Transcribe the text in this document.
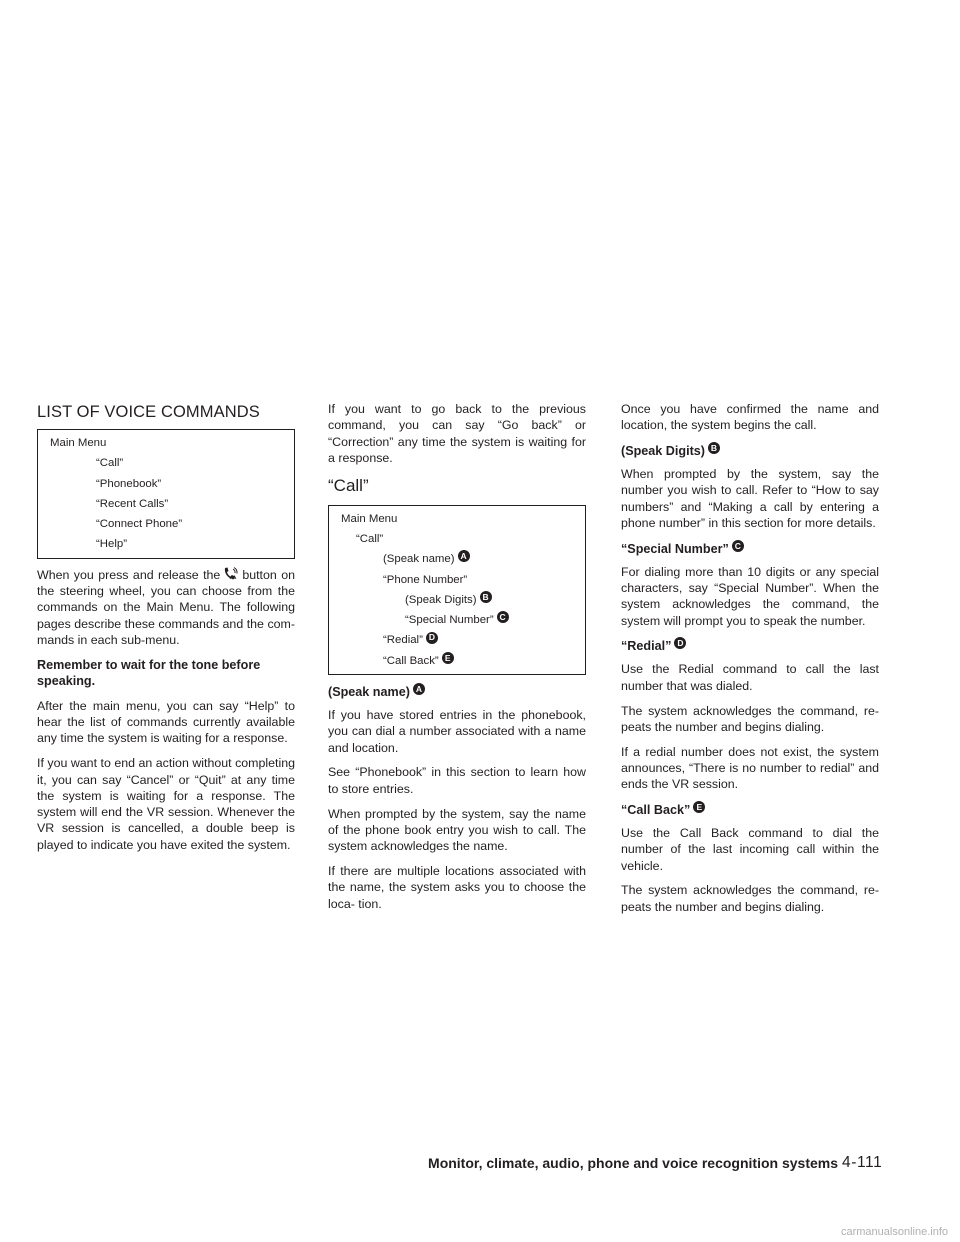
LIST OF VOICE COMMANDS
Main Menu
“Call”
“Phonebook”
“Recent Calls”
“Connect Phone”
“Help”

When you press and release the button on the steering wheel, you can choose from the commands on the Main Menu. The following pages describe these commands and the com- mands in each sub-menu.

Remember to wait for the tone before speaking.

After the main menu, you can say “Help” to hear the list of commands currently available any time the system is waiting for a response.

If you want to end an action without completing it, you can say “Cancel” or “Quit” at any time the system is waiting for a response. The system will end the VR session. Whenever the VR session is cancelled, a double beep is played to indicate you have exited the system.

If you want to go back to the previous command, you can say “Go back” or “Correction” any time the system is waiting for a response.

“Call”
Main Menu
“Call”
(Speak name) A
“Phone Number”
(Speak Digits) B
“Special Number” C
“Redial” D
“Call Back” E
(Speak name) A

If you have stored entries in the phonebook, you can dial a number associated with a name and location.

See “Phonebook” in this section to learn how to store entries.

When prompted by the system, say the name of the phone book entry you wish to call. The system acknowledges the name.

If there are multiple locations associated with the name, the system asks you to choose the loca- tion.

Once you have confirmed the name and location, the system begins the call.

(Speak Digits) B

When prompted by the system, say the number you wish to call. Refer to “How to say numbers” and “Making a call by entering a phone number” in this section for more details.

“Special Number” C

For dialing more than 10 digits or any special characters, say “Special Number”. When the system acknowledges the command, the system will prompt you to speak the number.

“Redial” D

Use the Redial command to call the last number that was dialed.

The system acknowledges the command, re- peats the number and begins dialing.

If a redial number does not exist, the system announces, “There is no number to redial” and ends the VR session.

“Call Back” E

Use the Call Back command to dial the number of the last incoming call within the vehicle.

The system acknowledges the command, re- peats the number and begins dialing.

Monitor, climate, audio, phone and voice recognition systems 4-111
carmanualsonline.info
